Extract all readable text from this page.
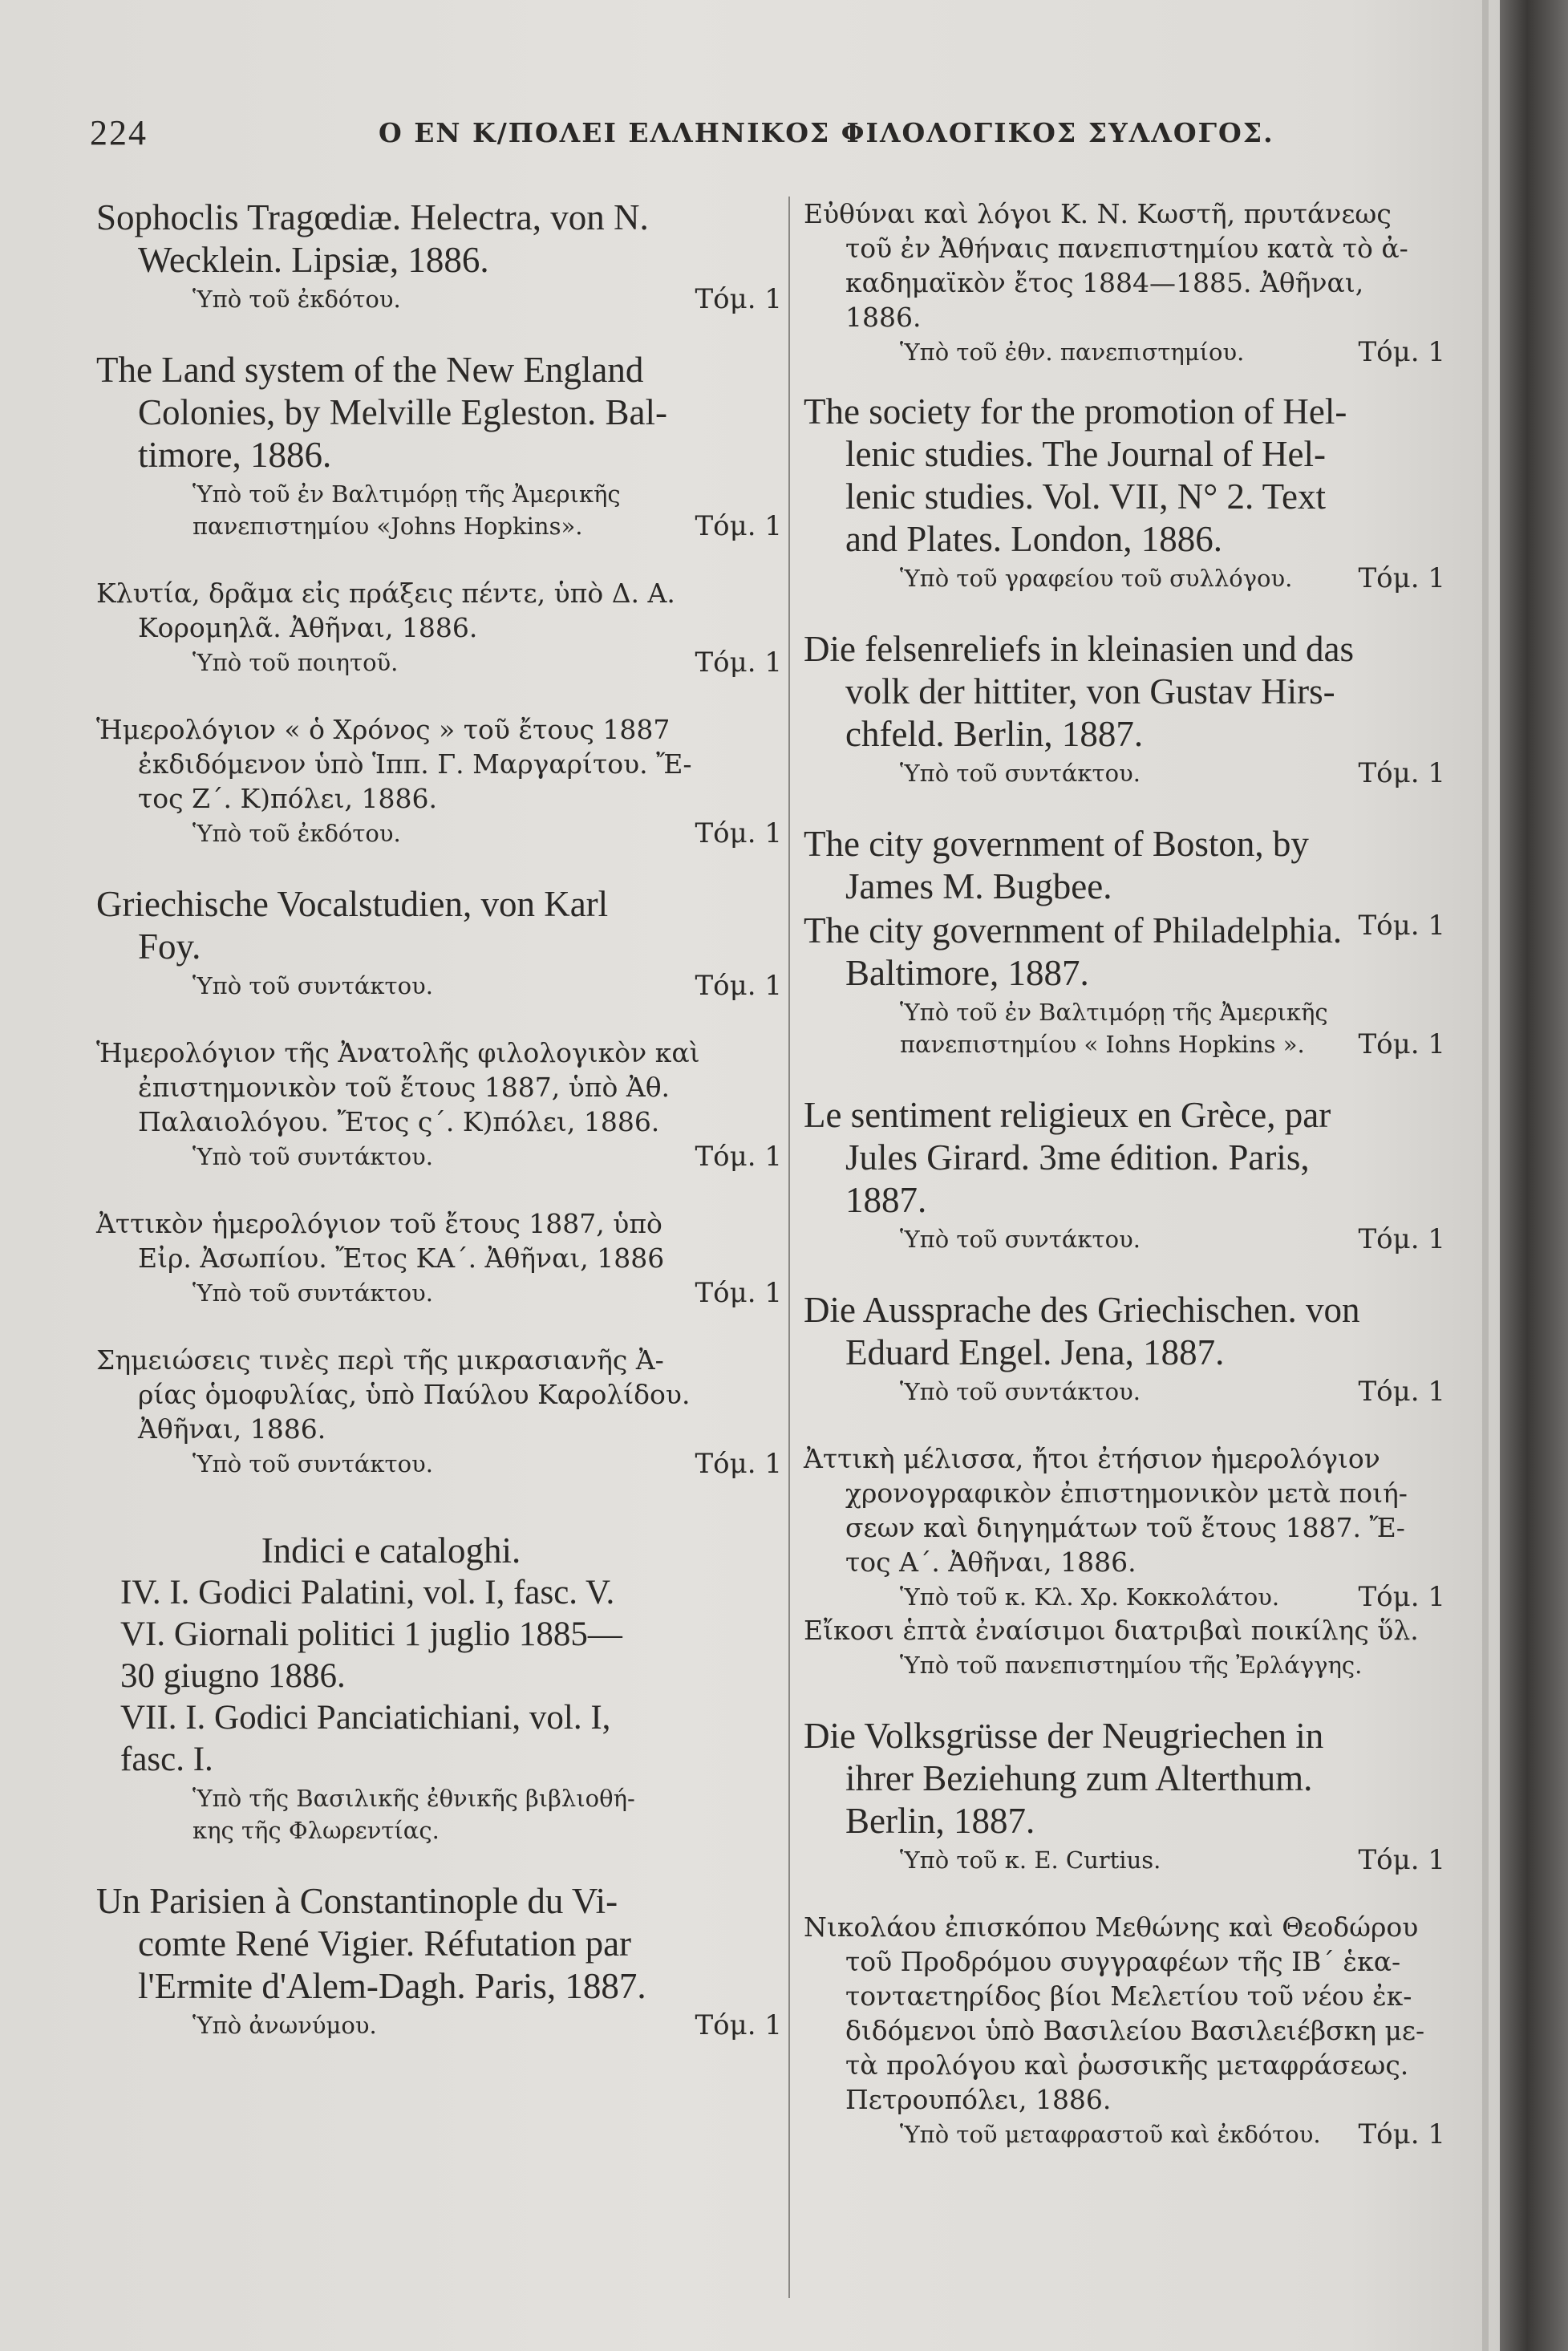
224	Ο ΕΝ Κ/ΠΟΛΕΙ ΕΛΛΗΝΙΚΟΣ ΦΙΛΟΛΟΓΙΚΟΣ ΣΥΛΛΟΓΟΣ.

Sophoclis Tragœdiæ. Helectra, von N.
Wecklein. Lipsiæ, 1886.

Ὑπὸ τοῦ ἐκδότου.	Τόμ. 1

The Land system of the New England
Colonies, by Melville Egleston. Bal-
timore, 1886.

Ὑπὸ τοῦ ἐν Βαλτιμόρῃ τῆς Ἀμερικῆς
πανεπιστημίου «Johns Hopkins».	Τόμ. 1

Κλυτία, δρᾶμα εἰς πράξεις πέντε, ὑπὸ Δ. Α.
Κορομηλᾶ. Ἀθῆναι, 1886.

Ὑπὸ τοῦ ποιητοῦ.	Τόμ. 1

Ἡμερολόγιον « ὁ Χρόνος » τοῦ ἔτους 1887
ἐκδιδόμενον ὑπὸ Ἱππ. Γ. Μαργαρίτου. Ἔ-
τος Ζ΄. Κ)πόλει, 1886.

Ὑπὸ τοῦ ἐκδότου.	Τόμ. 1

Griechische Vocalstudien, von Karl
Foy.

Ὑπὸ τοῦ συντάκτου.	Τόμ. 1

Ἡμερολόγιον τῆς Ἀνατολῆς φιλολογικὸν καὶ
ἐπιστημονικὸν τοῦ ἔτους 1887, ὑπὸ Ἀθ.
Παλαιολόγου. Ἔτος ς΄. Κ)πόλει, 1886.

Ὑπὸ τοῦ συντάκτου.	Τόμ. 1

Ἀττικὸν ἡμερολόγιον τοῦ ἔτους 1887, ὑπὸ
Εἰρ. Ἀσωπίου. Ἔτος ΚΑ΄. Ἀθῆναι, 1886

Ὑπὸ τοῦ συντάκτου.	Τόμ. 1

Σημειώσεις τινὲς περὶ τῆς μικρασιανῆς Ἀ-
ρίας ὁμοφυλίας, ὑπὸ Παύλου Καρολίδου.
Ἀθῆναι, 1886.

Ὑπὸ τοῦ συντάκτου.	Τόμ. 1

Indici e cataloghi.

IV. I. Godici Palatini, vol. I, fasc. V.

VI. Giornali politici 1 juglio 1885—
30 giugno 1886.

VII. I. Godici Panciatichiani, vol. I,
fasc. I.

Ὑπὸ τῆς Βασιλικῆς ἐθνικῆς βιβλιοθή-
κης τῆς Φλωρεντίας.

Un Parisien à Constantinople du Vi-
comte René Vigier. Réfutation par
l'Ermite d'Alem-Dagh. Paris, 1887.

Ὑπὸ ἀνωνύμου.	Τόμ. 1

Εὐθύναι καὶ λόγοι Κ. Ν. Κωστῆ, πρυτάνεως
τοῦ ἐν Ἀθήναις πανεπιστημίου κατὰ τὸ ἀ-
καδημαϊκὸν ἔτος 1884—1885. Ἀθῆναι,
1886.

Ὑπὸ τοῦ ἐθν. πανεπιστημίου.	Τόμ. 1

The society for the promotion of Hel-
lenic studies. The Journal of Hel-
lenic studies. Vol. VII, N° 2. Text
and Plates. London, 1886.

Ὑπὸ τοῦ γραφείου τοῦ συλλόγου. Τόμ. 1

Die felsenreliefs in kleinasien und das
volk der hittiter, von Gustav Hirs-
chfeld. Berlin, 1887.

Ὑπὸ τοῦ συντάκτου.	Τόμ. 1

The city government of Boston, by
James M. Bugbee.

Τόμ. 1

The city government of Philadelphia.
Baltimore, 1887.

Ὑπὸ τοῦ ἐν Βαλτιμόρῃ τῆς Ἀμερικῆς
πανεπιστημίου « Iohns Hopkins ». Τόμ. 1

Le sentiment religieux en Grèce, par
Jules Girard. 3me édition. Paris,
1887.

Ὑπὸ τοῦ συντάκτου.	Τόμ. 1

Die Aussprache des Griechischen. von
Eduard Engel. Jena, 1887.

Ὑπὸ τοῦ συντάκτου.	Τόμ. 1

Ἀττικὴ μέλισσα, ἤτοι ἐτήσιον ἡμερολόγιον
χρονογραφικὸν ἐπιστημονικὸν μετὰ ποιή-
σεων καὶ διηγημάτων τοῦ ἔτους 1887. Ἔ-
τος Α΄. Ἀθῆναι, 1886.

Ὑπὸ τοῦ κ. Κλ. Χρ. Κοκκολάτου.	Τόμ. 1

Εἴκοσι ἑπτὰ ἐναίσιμοι διατριβαὶ ποικίλης ὕλ.

Ὑπὸ τοῦ πανεπιστημίου τῆς Ἐρλάγγης.

Die Volksgrüsse der Neugriechen in
ihrer Beziehung zum Alterthum.
Berlin, 1887.

Ὑπὸ τοῦ κ. E. Curtius.	Τόμ. 1

Νικολάου ἐπισκόπου Μεθώνης καὶ Θεοδώρου
τοῦ Προδρόμου συγγραφέων τῆς ΙΒ΄ ἑκα-
τονταετηρίδος βίοι Μελετίου τοῦ νέου ἐκ-
διδόμενοι ὑπὸ Βασιλείου Βασιλειέβσκη με-
τὰ προλόγου καὶ ῥωσσικῆς μεταφράσεως.
Πετρουπόλει, 1886.

Ὑπὸ τοῦ μεταφραστοῦ καὶ ἐκδότου. Τόμ. 1
